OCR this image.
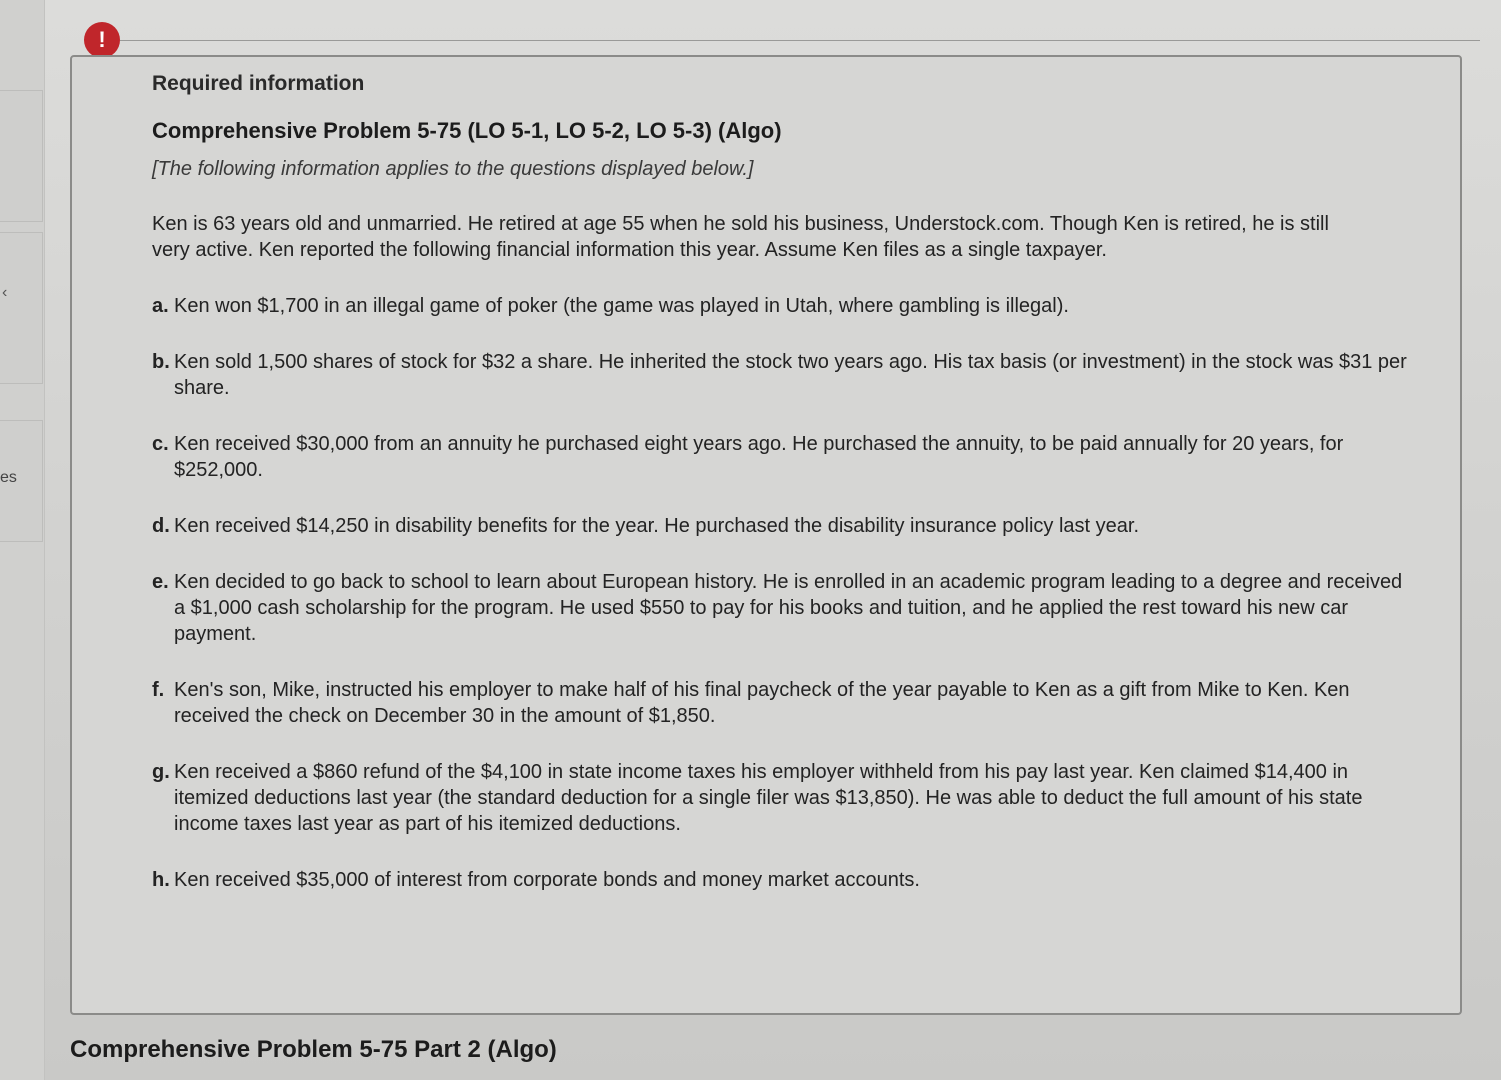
‹
es
!
Required information
Comprehensive Problem 5-75 (LO 5-1, LO 5-2, LO 5-3) (Algo)
[The following information applies to the questions displayed below.]
Ken is 63 years old and unmarried. He retired at age 55 when he sold his business, Understock.com. Though Ken is retired, he is still very active. Ken reported the following financial information this year. Assume Ken files as a single taxpayer.
a. Ken won $1,700 in an illegal game of poker (the game was played in Utah, where gambling is illegal).
b. Ken sold 1,500 shares of stock for $32 a share. He inherited the stock two years ago. His tax basis (or investment) in the stock was $31 per share.
c. Ken received $30,000 from an annuity he purchased eight years ago. He purchased the annuity, to be paid annually for 20 years, for $252,000.
d. Ken received $14,250 in disability benefits for the year. He purchased the disability insurance policy last year.
e. Ken decided to go back to school to learn about European history. He is enrolled in an academic program leading to a degree and received a $1,000 cash scholarship for the program. He used $550 to pay for his books and tuition, and he applied the rest toward his new car payment.
f. Ken's son, Mike, instructed his employer to make half of his final paycheck of the year payable to Ken as a gift from Mike to Ken. Ken received the check on December 30 in the amount of $1,850.
g. Ken received a $860 refund of the $4,100 in state income taxes his employer withheld from his pay last year. Ken claimed $14,400 in itemized deductions last year (the standard deduction for a single filer was $13,850). He was able to deduct the full amount of his state income taxes last year as part of his itemized deductions.
h. Ken received $35,000 of interest from corporate bonds and money market accounts.
Comprehensive Problem 5-75 Part 2 (Algo)
